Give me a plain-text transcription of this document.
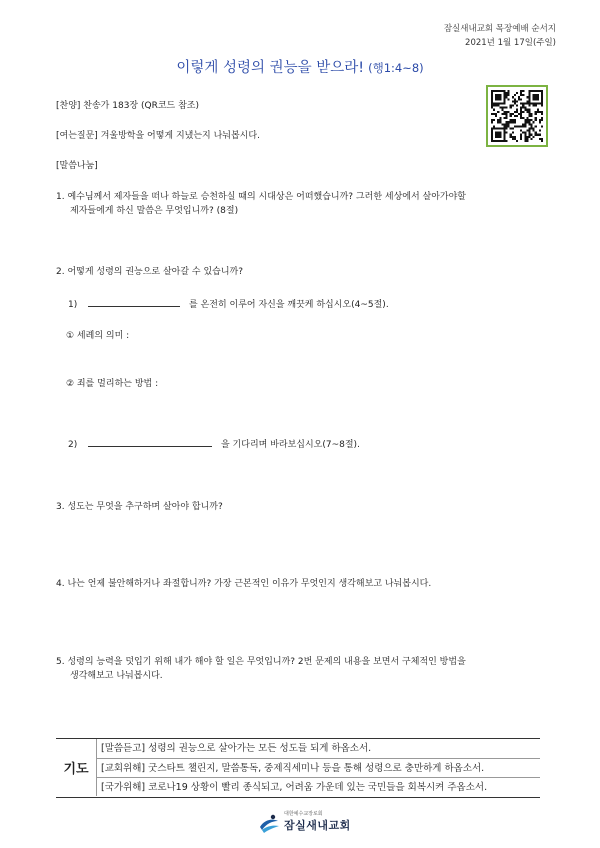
잠실새내교회 목장예배 순서지
2021년 1월 17일(주일)
이렇게 성령의 권능을 받으라! (행1:4~8)
[찬양] 찬송가 183장 (QR코드 참조)
[여는질문] 겨울방학을 어떻게 지냈는지 나눠봅시다.
[말씀나눔]
1. 예수님께서 제자들을 떠나 하늘로 승천하실 때의 시대상은 어떠했습니까? 그러한 세상에서 살아가야할
제자들에게 하신 말씀은 무엇입니까? (8절)
2. 어떻게 성령의 권능으로 살아갈 수 있습니까?
1)	를 온전히 이루어 자신을 깨끗케 하십시오(4~5절).
① 세례의 의미 :
② 죄를 멀리하는 방법 :
2)	을 기다리며 바라보십시오(7~8절).
3. 성도는 무엇을 추구하며 살아야 합니까?
4. 나는 언제 불안해하거나 좌절합니까? 가장 근본적인 이유가 무엇인지 생각해보고 나눠봅시다.
5. 성령의 능력을 덧입기 위해 내가 해야 할 일은 무엇입니까? 2번 문제의 내용을 보면서 구체적인 방법을
생각해보고 나눠봅시다.
기도
[말씀듣고] 성령의 권능으로 살아가는 모든 성도들 되게 하옵소서.
[교회위해] 굿스타트 챌린지, 말씀통독, 중제직세미나 등을 통해 성령으로 충만하게 하옵소서.
[국가위해] 코로나19 상황이 빨리 종식되고, 어려움 가운데 있는 국민들을 회복시켜 주옵소서.
대한예수교장로회
잠실새내교회
